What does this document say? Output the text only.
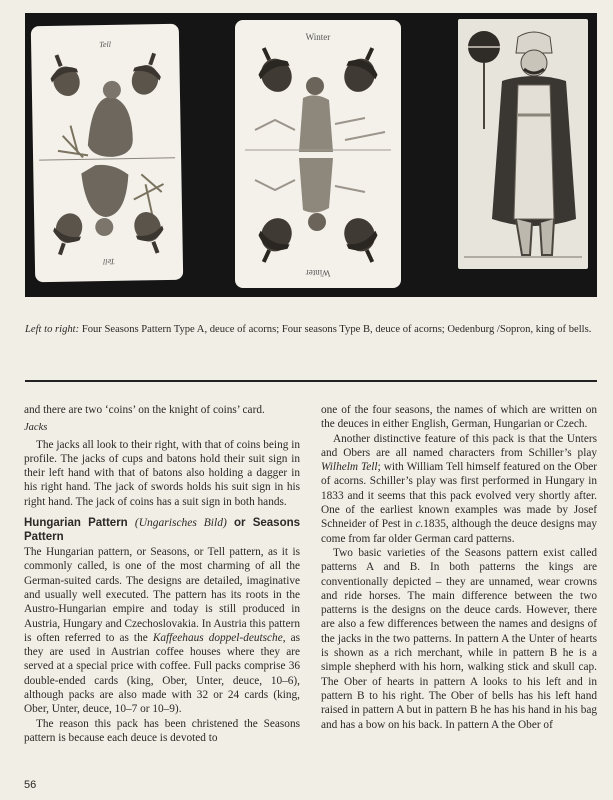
Tell
Tell
Winter
Winter
Left to right: Four Seasons Pattern Type A, deuce of acorns; Four seasons Type B, deuce of acorns; Oedenburg /Sopron, king of bells.

and there are two ‘coins’ on the knight of coins’ card.

Jacks

The jacks all look to their right, with that of coins being in profile. The jacks of cups and batons hold their suit sign in their left hand with that of batons also holding a dagger in his right hand. The jack of swords holds his suit sign in his right hand. The jack of coins has a suit sign in both hands.

Hungarian Pattern (Ungarisches Bild) or Seasons Pattern

The Hungarian pattern, or Seasons, or Tell pattern, as it is commonly called, is one of the most charming of all the German-suited cards. The designs are detailed, imaginative and usually well executed. The pattern has its roots in the Austro-Hungarian empire and today is still produced in Austria, Hungary and Czechoslovakia. In Austria this pattern is often referred to as the Kaffeehaus doppel-deutsche, as they are used in Austrian coffee houses where they are served at a special price with coffee. Full packs comprise 36 double-ended cards (king, Ober, Unter, deuce, 10–6), although packs are also made with 32 or 24 cards (king, Ober, Unter, deuce, 10–7 or 10–9).

The reason this pack has been christened the Seasons pattern is because each deuce is devoted to

one of the four seasons, the names of which are written on the deuces in either English, German, Hungarian or Czech.

Another distinctive feature of this pack is that the Unters and Obers are all named characters from Schiller’s play Wilhelm Tell; with William Tell himself featured on the Ober of acorns. Schiller’s play was first performed in Hungary in 1833 and it seems that this pack evolved very shortly after. One of the earliest known examples was made by Josef Schneider of Pest in c.1835, although the deuce designs may come from far older German card patterns.

Two basic varieties of the Seasons pattern exist called patterns A and B. In both patterns the kings are conventionally depicted – they are unnamed, wear crowns and ride horses. The main difference between the two patterns is the designs on the deuce cards. However, there are also a few differences between the names and designs of the jacks in the two patterns. In pattern A the Unter of hearts is shown as a rich merchant, while in pattern B he is a simple shepherd with his horn, walking stick and skull cap. The Ober of hearts in pattern A looks to his left and in pattern B to his right. The Ober of bells has his left hand raised in pattern A but in pattern B he has his hand in his bag and has a bow on his back. In pattern A the Ober of

56
